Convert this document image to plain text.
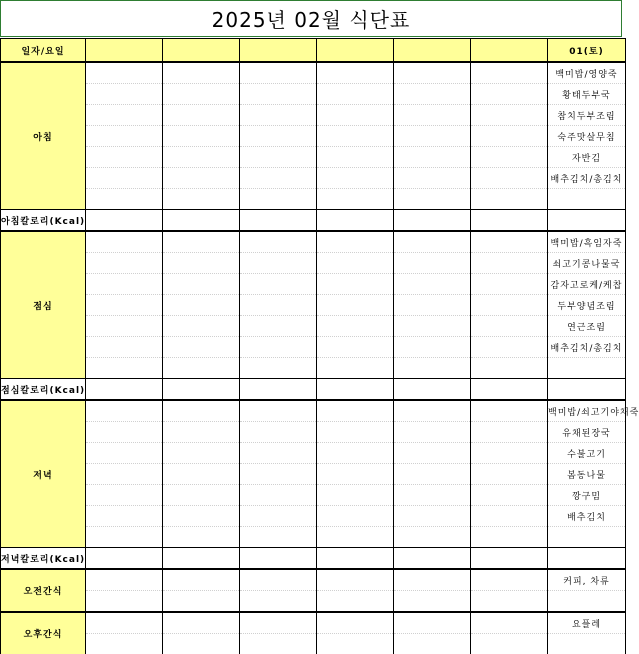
2025년 02월 식단표
일자/요일							01(토)
아침							백미밥/영양죽
							황태두부국
							참치두부조림
							숙주맛살무침
							자반김
							배추김치/총김치

아침칼로리(Kcal)							
점심							백미밥/흑임자죽
							쇠고기콩나물국
							감자고로케/케찹
							두부양념조림
							연근조림
							배추김치/총김치

점심칼로리(Kcal)							
저녁							백미밥/쇠고기야채죽
							유채된장국
							수불고기
							봄동나물
							깡구밈
							배추김치

저녁칼로리(Kcal)							
오전간식							커피, 차류

오후간식							요플레
